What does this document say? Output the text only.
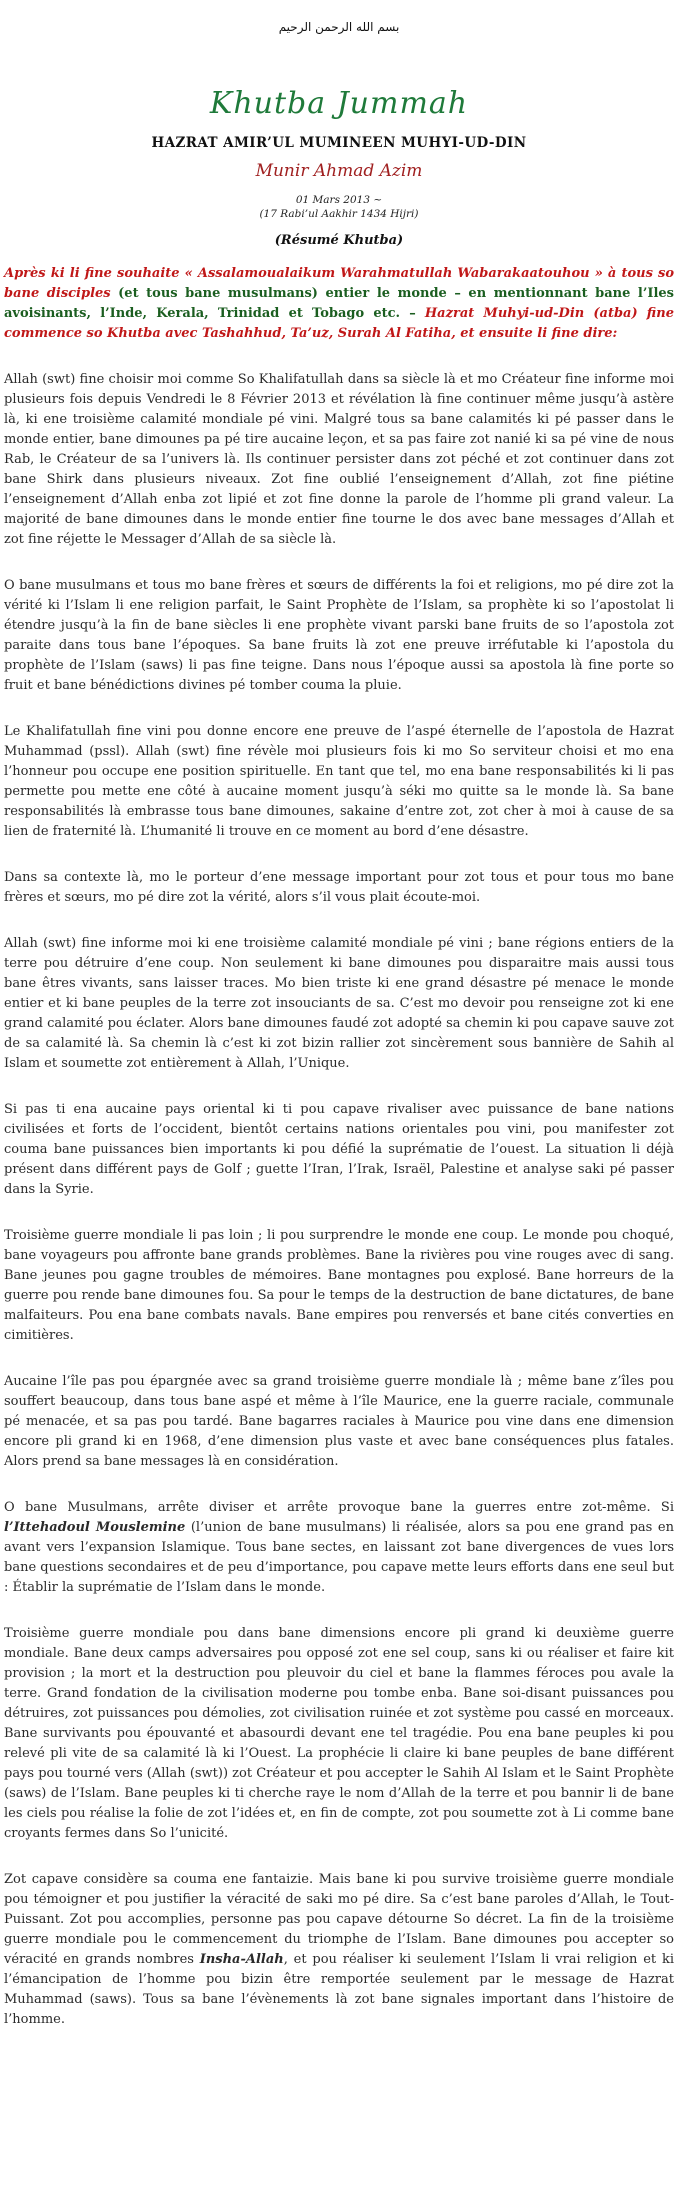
بسم الله الرحمن الرحيم
Khutba Jummah
HAZRAT AMIR’UL MUMINEEN MUHYI-UD-DIN
Munir Ahmad Azim
01 Mars 2013 ~
(17 Rabi’ul Aakhir 1434 Hijri)
(Résumé Khutba)
Après ki li fine souhaite « Assalamoualaikum Warahmatullah Wabarakaatouhou » à tous so bane disciples (et tous bane musulmans) entier le monde – en mentionnant bane l’Iles avoisinants, l’Inde, Kerala, Trinidad et Tobago etc. – Hazrat Muhyi-ud-Din (atba) fine commence so Khutba avec Tashahhud, Ta’uz, Surah Al Fatiha, et ensuite li fine dire:

Allah (swt) fine choisir moi comme So Khalifatullah dans sa siècle là et mo Créateur fine informe moi plusieurs fois depuis Vendredi le 8 Février 2013 et révélation là fine continuer même jusqu’à astère là, ki ene troisième calamité mondiale pé vini. Malgré tous sa bane calamités ki pé passer dans le monde entier, bane dimounes pa pé tire aucaine leçon, et sa pas faire zot nanié ki sa pé vine de nous Rab, le Créateur de sa l’univers là. Ils continuer persister dans zot péché et zot continuer dans zot bane Shirk dans plusieurs niveaux. Zot fine oublié l’enseignement d’Allah, zot fine piétine l’enseignement d’Allah enba zot lipié et zot fine donne la parole de l’homme pli grand valeur. La majorité de bane dimounes dans le monde entier fine tourne le dos avec bane messages d’Allah et zot fine réjette le Messager d’Allah de sa siècle là.

O bane musulmans et tous mo bane frères et sœurs de différents la foi et religions, mo pé dire zot la vérité ki l’Islam li ene religion parfait, le Saint Prophète de l’Islam, sa prophète ki so l’apostolat li étendre jusqu’à la fin de bane siècles li ene prophète vivant parski bane fruits de so l’apostola zot paraite dans tous bane l’époques. Sa bane fruits là zot ene preuve irréfutable ki l’apostola du prophète de l’Islam (saws) li pas fine teigne. Dans nous l’époque aussi sa apostola là fine porte so fruit et bane bénédictions divines pé tomber couma la pluie.

Le Khalifatullah fine vini pou donne encore ene preuve de l’aspé éternelle de l’apostola de Hazrat Muhammad (pssl). Allah (swt) fine révèle moi plusieurs fois ki mo So serviteur choisi et mo ena l’honneur pou occupe ene position spirituelle. En tant que tel, mo ena bane responsabilités ki li pas permette pou mette ene côté à aucaine moment jusqu’à séki mo quitte sa le monde là. Sa bane responsabilités là embrasse tous bane dimounes, sakaine d’entre zot, zot cher à moi à cause de sa lien de fraternité là. L’humanité li trouve en ce moment au bord d’ene désastre.

Dans sa contexte là, mo le porteur d’ene message important pour zot tous et pour tous mo bane frères et sœurs, mo pé dire zot la vérité, alors s’il vous plait écoute-moi.

Allah (swt) fine informe moi ki ene troisième calamité mondiale pé vini ; bane régions entiers de la terre pou détruire d’ene coup. Non seulement ki bane dimounes pou disparaitre mais aussi tous bane êtres vivants, sans laisser traces. Mo bien triste ki ene grand désastre pé menace le monde entier et ki bane peuples de la terre zot insouciants de sa. C’est mo devoir pou renseigne zot ki ene grand calamité pou éclater. Alors bane dimounes faudé zot adopté sa chemin ki pou capave sauve zot de sa calamité là. Sa chemin là c’est ki zot bizin rallier zot sincèrement sous bannière de Sahih al Islam et soumette zot entièrement à Allah, l’Unique.

Si pas ti ena aucaine pays oriental ki ti pou capave rivaliser avec puissance de bane nations civilisées et forts de l’occident, bientôt certains nations orientales pou vini, pou manifester zot couma bane puissances bien importants ki pou défié la suprématie de l’ouest. La situation li déjà présent dans différent pays de Golf ; guette l’Iran, l’Irak, Israël, Palestine et analyse saki pé passer dans la Syrie.

Troisième guerre mondiale li pas loin ; li pou surprendre le monde ene coup. Le monde pou choqué, bane voyageurs pou affronte bane grands problèmes. Bane la rivières pou vine rouges avec di sang. Bane jeunes pou gagne troubles de mémoires. Bane montagnes pou explosé. Bane horreurs de la guerre pou rende bane dimounes fou. Sa pour le temps de la destruction de bane dictatures, de bane malfaiteurs. Pou ena bane combats navals. Bane empires pou renversés et bane cités converties en cimitières.

Aucaine l’île pas pou épargnée avec sa grand troisième guerre mondiale là ; même bane z’îles pou souffert beaucoup, dans tous bane aspé et même à l’île Maurice, ene la guerre raciale, communale pé menacée, et sa pas pou tardé. Bane bagarres raciales à Maurice pou vine dans ene dimension encore pli grand ki en 1968, d’ene dimension plus vaste et avec bane conséquences plus fatales. Alors prend sa bane messages là en considération.

O bane Musulmans, arrête diviser et arrête provoque bane la guerres entre zot-même. Si l’Ittehadoul Mouslemine (l’union de bane musulmans) li réalisée, alors sa pou ene grand pas en avant vers l’expansion Islamique. Tous bane sectes, en laissant zot bane divergences de vues lors bane questions secondaires et de peu d’importance, pou capave mette leurs efforts dans ene seul but : Établir la suprématie de l’Islam dans le monde.

Troisième guerre mondiale pou dans bane dimensions encore pli grand ki deuxième guerre mondiale. Bane deux camps adversaires pou opposé zot ene sel coup, sans ki ou réaliser et faire kit provision ; la mort et la destruction pou pleuvoir du ciel et bane la flammes féroces pou avale la terre. Grand fondation de la civilisation moderne pou tombe enba. Bane soi-disant puissances pou détruires, zot puissances pou démolies, zot civilisation ruinée et zot système pou cassé en morceaux. Bane survivants pou épouvanté et abasourdi devant ene tel tragédie. Pou ena bane peuples ki pou relevé pli vite de sa calamité là ki l’Ouest. La prophécie li claire ki bane peuples de bane différent pays pou tourné vers (Allah (swt)) zot Créateur et pou accepter le Sahih Al Islam et le Saint Prophète (saws) de l’Islam. Bane peuples ki ti cherche raye le nom d’Allah de la terre et pou bannir li de bane les ciels pou réalise la folie de zot l’idées et, en fin de compte, zot pou soumette zot à Li comme bane croyants fermes dans So l’unicité.

Zot capave considère sa couma ene fantaizie. Mais bane ki pou survive troisième guerre mondiale pou témoigner et pou justifier la véracité de saki mo pé dire. Sa c’est bane paroles d’Allah, le Tout-Puissant. Zot pou accomplies, personne pas pou capave détourne So décret. La fin de la troisième guerre mondiale pou le commencement du triomphe de l’Islam. Bane dimounes pou accepter so véracité en grands nombres Insha-Allah, et pou réaliser ki seulement l’Islam li vrai religion et ki l’émancipation de l’homme pou bizin être remportée seulement par le message de Hazrat Muhammad (saws). Tous sa bane l’évènements là zot bane signales important dans l’histoire de l’homme.
